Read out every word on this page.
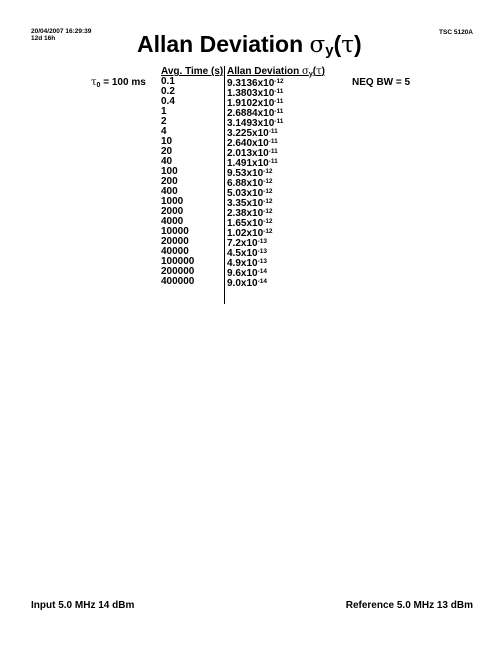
20/04/2007 16:29:39
12d 16h
TSC 5120A
Allan Deviation $\sigma_y(\tau)$
$\tau_0 = 100$ ms	NEQ BW = 5
Avg. Time (s) Allan Deviation $\sigma_y(\tau)$
0.1	$9.3136x10^{-12}$
0.2	$1.3803x10^{-11}$
0.4	$1.9102x10^{-11}$
1	$2.6884x10^{-11}$
2	$3.1493x10^{-11}$
4	$3.225x10^{-11}$
10	$2.640x10^{-11}$
20	$2.013x10^{-11}$
40	$1.491x10^{-11}$
100	$9.53x10^{-12}$
200	$6.88x10^{-12}$
400	$5.03x10^{-12}$
1000	$3.35x10^{-12}$
2000	$2.38x10^{-12}$
4000	$1.65x10^{-12}$
10000	$1.02x10^{-12}$
20000	$7.2x10^{-13}$
40000	$4.5x10^{-13}$
100000	$4.9x10^{-13}$
200000	$9.6x10^{-14}$
400000	$9.0x10^{-14}$
Input 5.0 MHz 14 dBm	Reference 5.0 MHz 13 dBm
